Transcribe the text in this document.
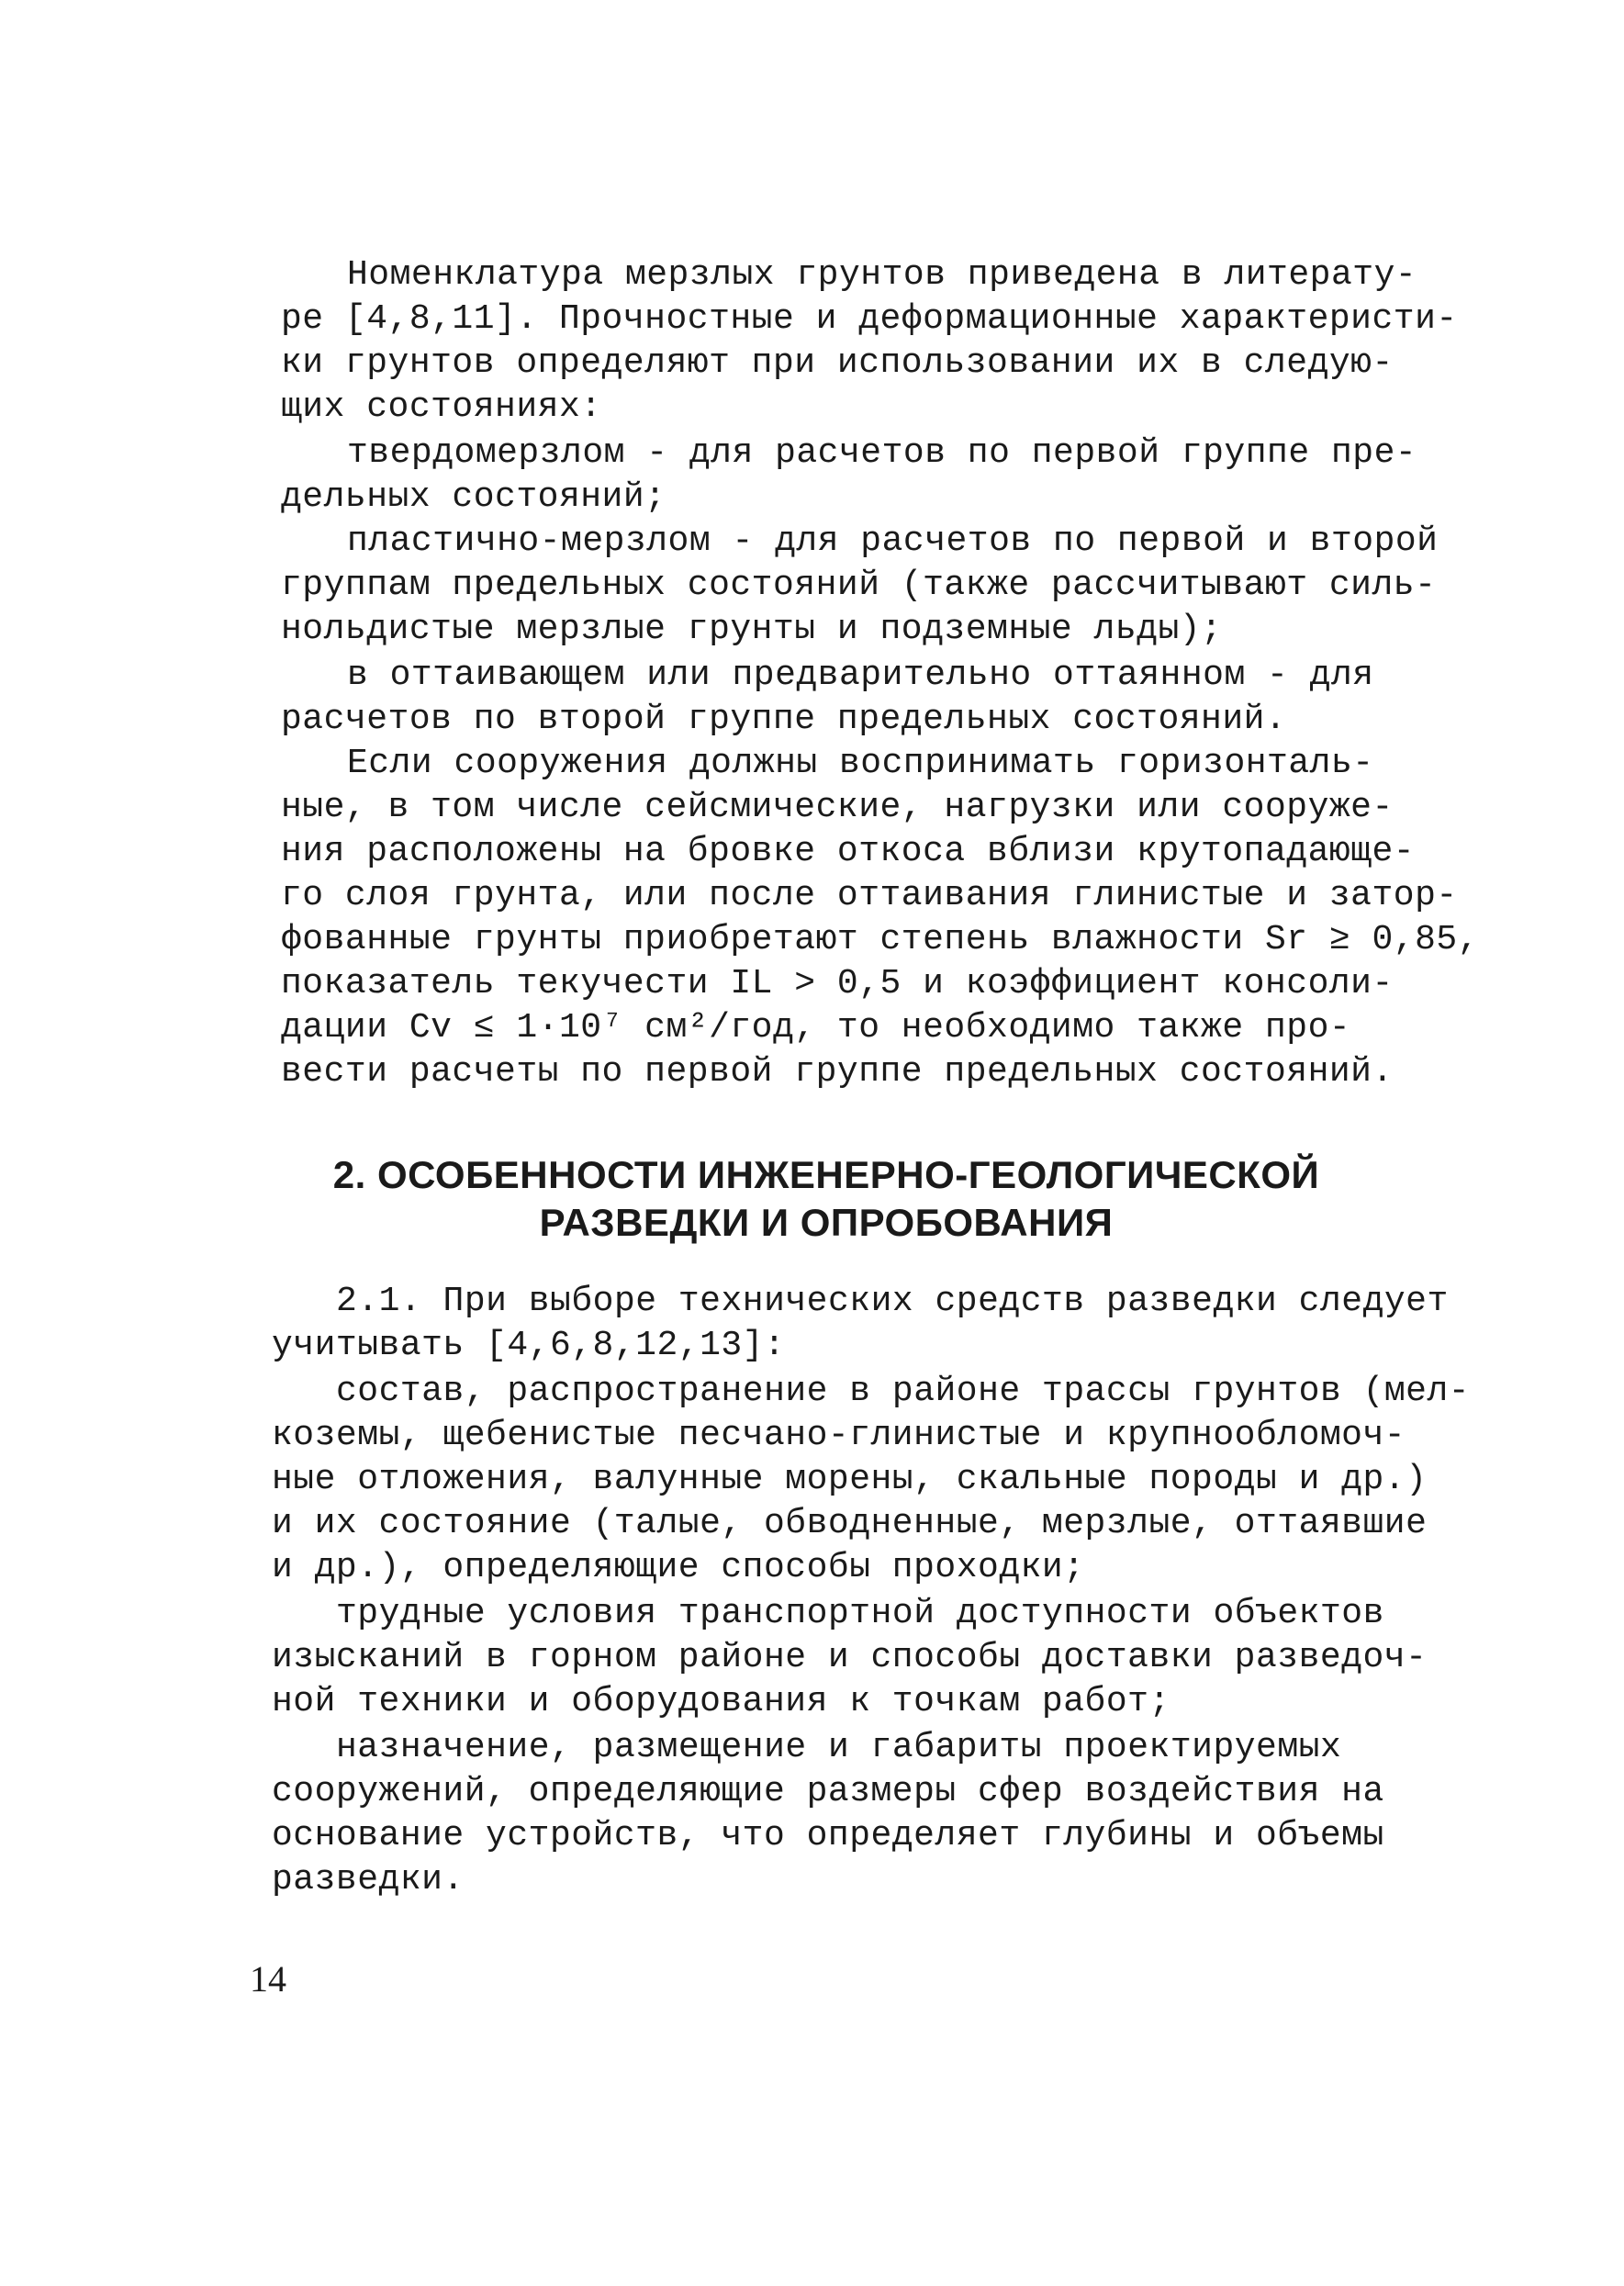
Номенклатура мерзлых грунтов приведена в литерату-

ре [4,8,11]. Прочностные и деформационные характеристи-

ки грунтов определяют при использовании их в следую-

щих состояниях:

твердомерзлом - для расчетов по первой группе пре-

дельных состояний;

пластично-мерзлом - для расчетов по первой и второй

группам предельных состояний (также рассчитывают силь-

нольдистые мерзлые грунты и подземные льды);

в оттаивающем или предварительно оттаянном - для

расчетов по второй группе предельных состояний.

Если сооружения должны воспринимать горизонталь-

ные, в том числе сейсмические, нагрузки или сооруже-

ния расположены на бровке откоса вблизи крутопадающе-

го слоя грунта, или после оттаивания глинистые и затор-

фованные грунты приобретают степень влажности Sr ≥ 0,85,

показатель текучести IL > 0,5 и коэффициент консоли-

дации Cv ≤ 1·10⁷ см²/год, то необходимо также про-

вести расчеты по первой группе предельных состояний.

2. ОСОБЕННОСТИ ИНЖЕНЕРНО-ГЕОЛОГИЧЕСКОЙ

РАЗВЕДКИ И ОПРОБОВАНИЯ

2.1. При выборе технических средств разведки следует

учитывать [4,6,8,12,13]:

состав, распространение в районе трассы грунтов (мел-

коземы, щебенистые песчано-глинистые и крупнообломоч-

ные отложения, валунные морены, скальные породы и др.)

и их состояние (талые, обводненные, мерзлые, оттаявшие

и др.), определяющие способы проходки;

трудные условия транспортной доступности объектов

изысканий в горном районе и способы доставки разведоч-

ной техники и оборудования к точкам работ;

назначение, размещение и габариты проектируемых

сооружений, определяющие размеры сфер воздействия на

основание устройств, что определяет глубины и объемы

разведки.

14
